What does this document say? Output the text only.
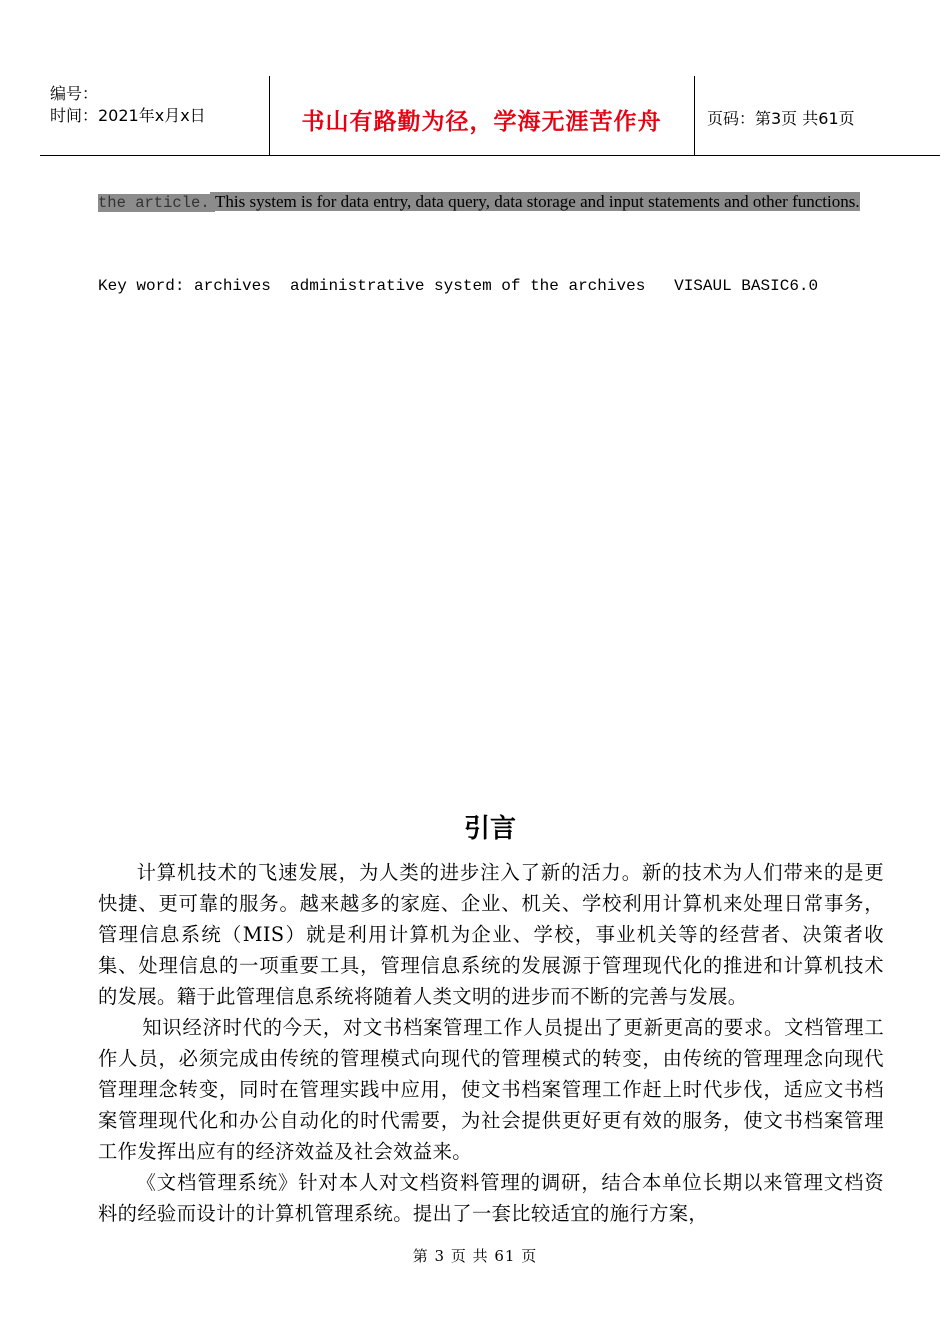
编号：
时间：2021年x月x日	书山有路勤为径，学海无涯苦作舟	页码：第3页 共61页
the article. This system is for data entry, data query, data storage and input statements and other functions.
Key word: archives  administrative system of the archives   VISAUL BASIC6.0
引言

计算机技术的飞速发展，为人类的进步注入了新的活力。新的技术为人们带来的是更快捷、更可靠的服务。越来越多的家庭、企业、机关、学校利用计算机来处理日常事务，管理信息系统（MIS）就是利用计算机为企业、学校，事业机关等的经营者、决策者收集、处理信息的一项重要工具，管理信息系统的发展源于管理现代化的推进和计算机技术的发展。籍于此管理信息系统将随着人类文明的进步而不断的完善与发展。

知识经济时代的今天，对文书档案管理工作人员提出了更新更高的要求。文档管理工作人员，必须完成由传统的管理模式向现代的管理模式的转变，由传统的管理理念向现代管理理念转变，同时在管理实践中应用，使文书档案管理工作赶上时代步伐，适应文书档案管理现代化和办公自动化的时代需要，为社会提供更好更有效的服务，使文书档案管理工作发挥出应有的经济效益及社会效益来。

《文档管理系统》针对本人对文档资料管理的调研，结合本单位长期以来管理文档资料的经验而设计的计算机管理系统。提出了一套比较适宜的施行方案，

第 3 页 共 61 页
